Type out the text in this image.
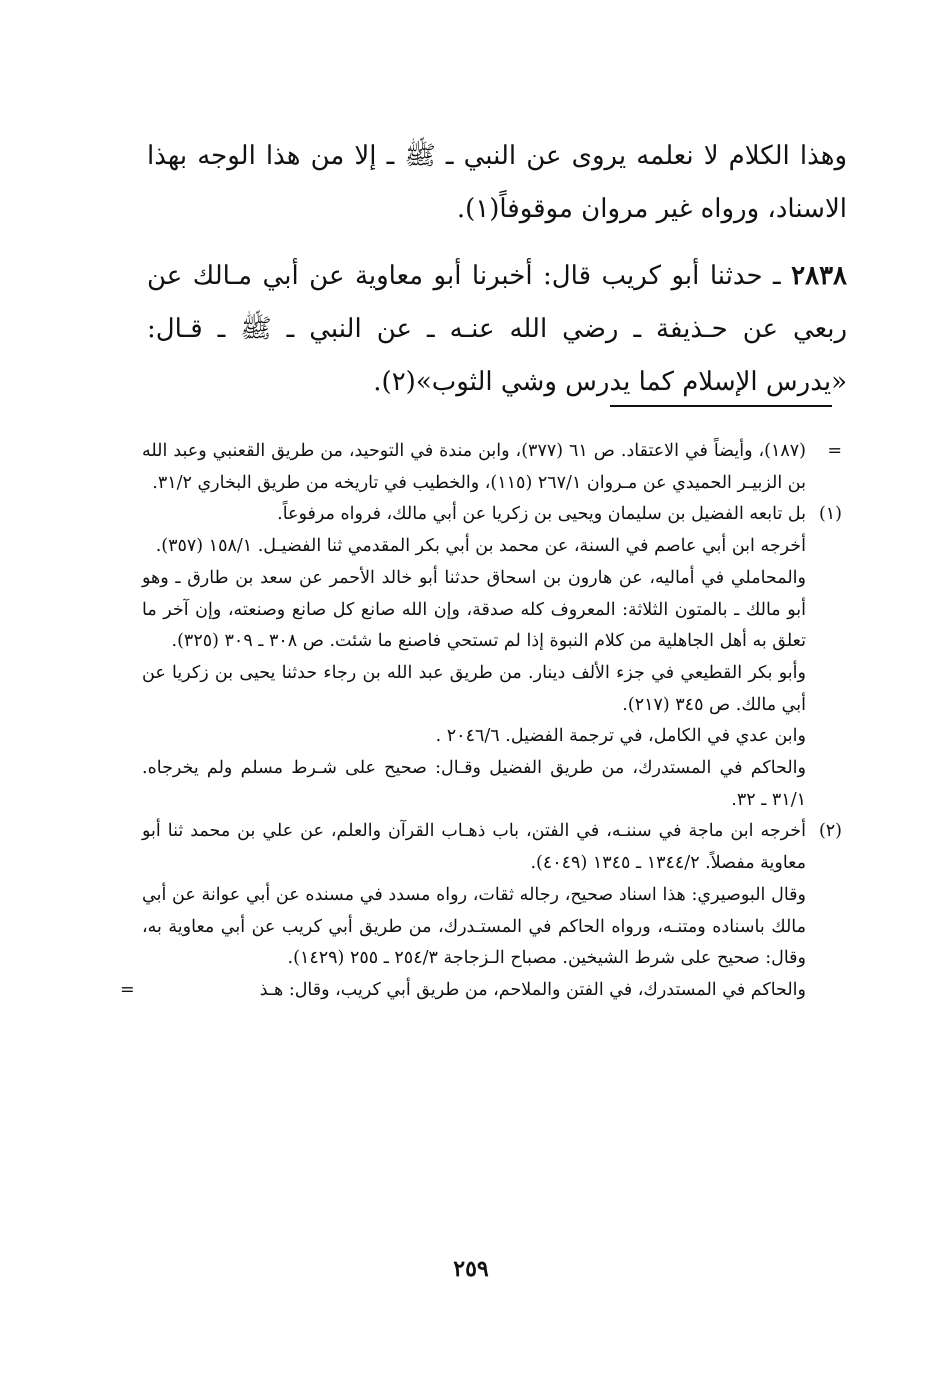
وهذا الكلام لا نعلمه يروى عن النبي ـ ﷺ ـ إلا من هذا الوجه بهذا الاسناد، ورواه غير مروان موقوفاً(١).

٢٨٣٨ ـ حدثنا أبو كريب قال: أخبرنا أبو معاوية عن أبي مـالك عن ربعي عن حـذيفة ـ رضي الله عنـه ـ عن النبي ـ ﷺ ـ قـال: «يدرس الإسلام كما يدرس وشي الثوب»(٢).

=
(١٨٧)، وأيضاً في الاعتقاد. ص ٦١ (٣٧٧)، وابن مندة في التوحيد، من طريق القعنبي وعبد الله بن الزبيـر الحميدي عن مـروان ٢٦٧/١ (١١٥)، والخطيب في تاريخه من طريق البخاري ٣١/٢.

(١)
بل تابعه الفضيل بن سليمان ويحيى بن زكريا عن أبي مالك، فرواه مرفوعاً.
أخرجه ابن أبي عاصم في السنة، عن محمد بن أبي بكر المقدمي ثنا الفضيـل. ١٥٨/١ (٣٥٧).
والمحاملي في أماليه، عن هارون بن اسحاق حدثنا أبو خالد الأحمر عن سعد بن طارق ـ وهو أبو مالك ـ بالمتون الثلاثة: المعروف كله صدقة، وإن الله صانع كل صانع وصنعته، وإن آخر ما تعلق به أهل الجاهلية من كلام النبوة إذا لم تستحي فاصنع ما شئت. ص ٣٠٨ ـ ٣٠٩ (٣٢٥).
وأبو بكر القطيعي في جزء الألف دينار. من طريق عبد الله بن رجاء حدثنا يحيى بن زكريا عن أبي مالك. ص ٣٤٥ (٢١٧).
وابن عدي في الكامل، في ترجمة الفضيل. ٢٠٤٦/٦ .
والحاكم في المستدرك، من طريق الفضيل وقـال: صحيح على شـرط مسلم ولم يخرجاه. ٣١/١ ـ ٣٢.
(٢)
أخرجه ابن ماجة في سننـه، في الفتن، باب ذهـاب القرآن والعلم، عن علي بن محمد ثنا أبو معاوية مفصلاً. ١٣٤٤/٢ ـ ١٣٤٥ (٤٠٤٩).
وقال البوصيري: هذا اسناد صحيح، رجاله ثقات، رواه مسدد في مسنده عن أبي عوانة عن أبي مالك باسناده ومتنـه، ورواه الحاكم في المستـدرك، من طريق أبي كريب عن أبي معاوية به، وقال: صحيح على شرط الشيخين. مصباح الـزجاجة ٢٥٤/٣ ـ ٢٥٥ (١٤٢٩).
والحاكم في المستدرك، في الفتن والملاحم، من طريق أبي كريب، وقال: هـذ
=
٢٥٩
